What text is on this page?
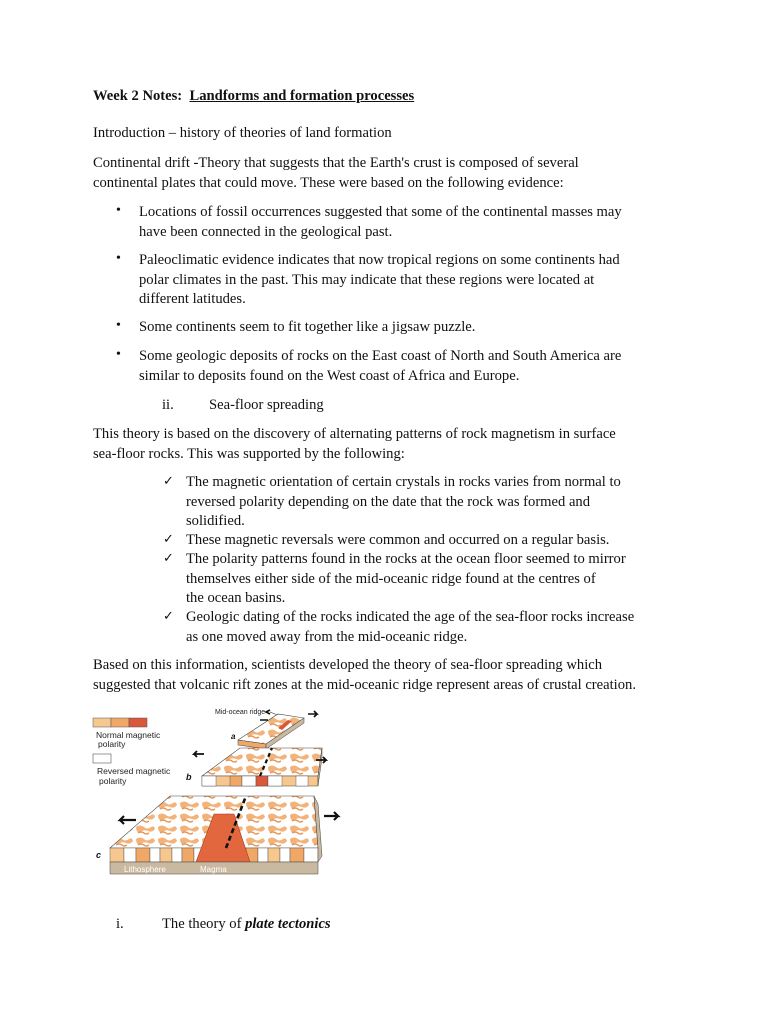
Week 2 Notes: Landforms and formation processes
Introduction – history of theories of land formation
Continental drift -Theory that suggests that the Earth's crust is composed of several
continental plates that could move. These were based on the following evidence:
• Locations of fossil occurrences suggested that some of the continental masses may
have been connected in the geological past.
• Paleoclimatic evidence indicates that now tropical regions on some continents had
polar climates in the past. This may indicate that these regions were located at
different latitudes.
• Some continents seem to fit together like a jigsaw puzzle.
• Some geologic deposits of rocks on the East coast of North and South America are
similar to deposits found on the West coast of Africa and Europe.
ii. Sea-floor spreading
This theory is based on the discovery of alternating patterns of rock magnetism in surface
sea-floor rocks. This was supported by the following:
✓ The magnetic orientation of certain crystals in rocks varies from normal to
reversed polarity depending on the date that the rock was formed and
solidified.
✓ These magnetic reversals were common and occurred on a regular basis.
✓ The polarity patterns found in the rocks at the ocean floor seemed to mirror
themselves either side of the mid-oceanic ridge found at the centres of
the ocean basins.
✓ Geologic dating of the rocks indicated the age of the sea-floor rocks increase
as one moved away from the mid-oceanic ridge.
Based on this information, scientists developed the theory of sea-floor spreading which
suggested that volcanic rift zones at the mid-oceanic ridge represent areas of crustal creation.
Normal magnetic
polarity
Reversed magnetic
polarity
Mid-ocean ridge
a
b
c
Lithosphere	Magma
i.	The theory of plate tectonics
